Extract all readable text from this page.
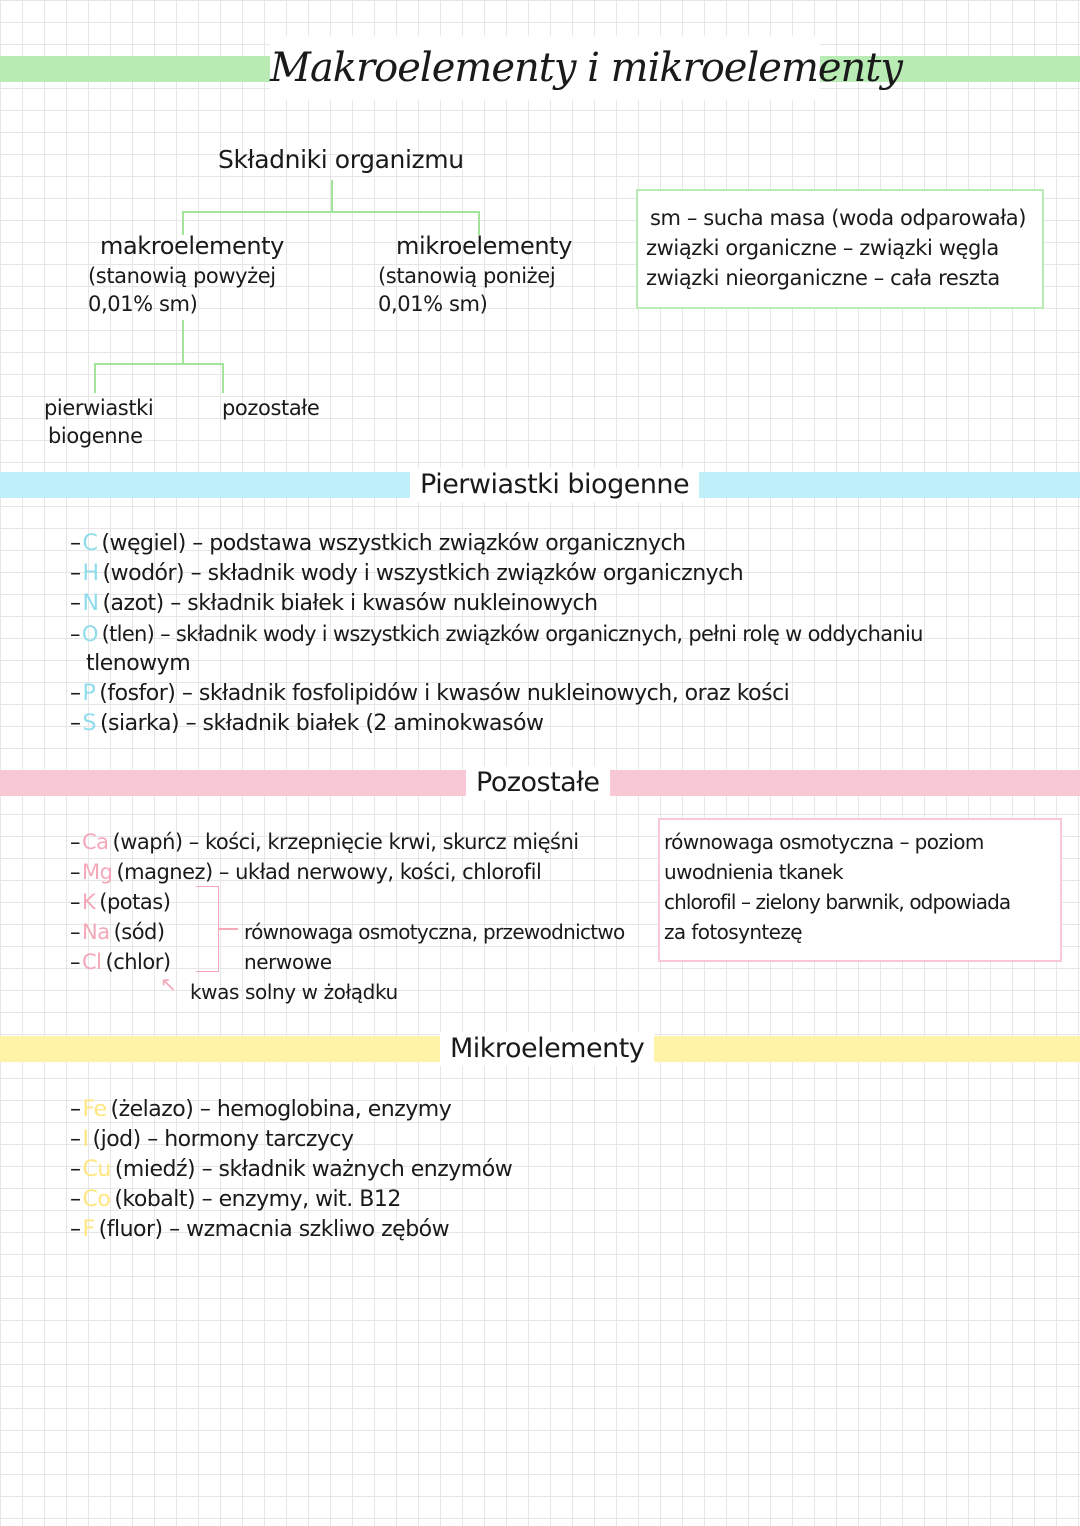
Makroelementy i mikroelementy
Składniki organizmu
makroelementy
(stanowią powyżej
0,01% sm)
mikroelementy
(stanowią poniżej
0,01% sm)
pierwiastki
biogenne
pozostałe
sm – sucha masa (woda odparowała)
związki organiczne – związki węgla
związki nieorganiczne – cała reszta
Pierwiastki biogenne
–C (węgiel) – podstawa wszystkich związków organicznych
–H (wodór) – składnik wody i wszystkich związków organicznych
–N (azot) – składnik białek i kwasów nukleinowych
–O (tlen) – składnik wody i wszystkich związków organicznych, pełni rolę w oddychaniu
tlenowym
–P (fosfor) – składnik fosfolipidów i kwasów nukleinowych, oraz kości
–S (siarka) – składnik białek (2 aminokwasów
Pozostałe
–Ca (wapń) – kości, krzepnięcie krwi, skurcz mięśni
–Mg (magnez) – układ nerwowy, kości, chlorofil
–K (potas)
–Na (sód)
–Cl (chlor)
równowaga osmotyczna, przewodnictwo
nerwowe
↖ kwas solny w żołądku
równowaga osmotyczna – poziom
uwodnienia tkanek
chlorofil – zielony barwnik, odpowiada
za fotosyntezę
Mikroelementy
–Fe (żelazo) – hemoglobina, enzymy
–I (jod) – hormony tarczycy
–Cu (miedź) – składnik ważnych enzymów
–Co (kobalt) – enzymy, wit. B12
–F (fluor) – wzmacnia szkliwo zębów
